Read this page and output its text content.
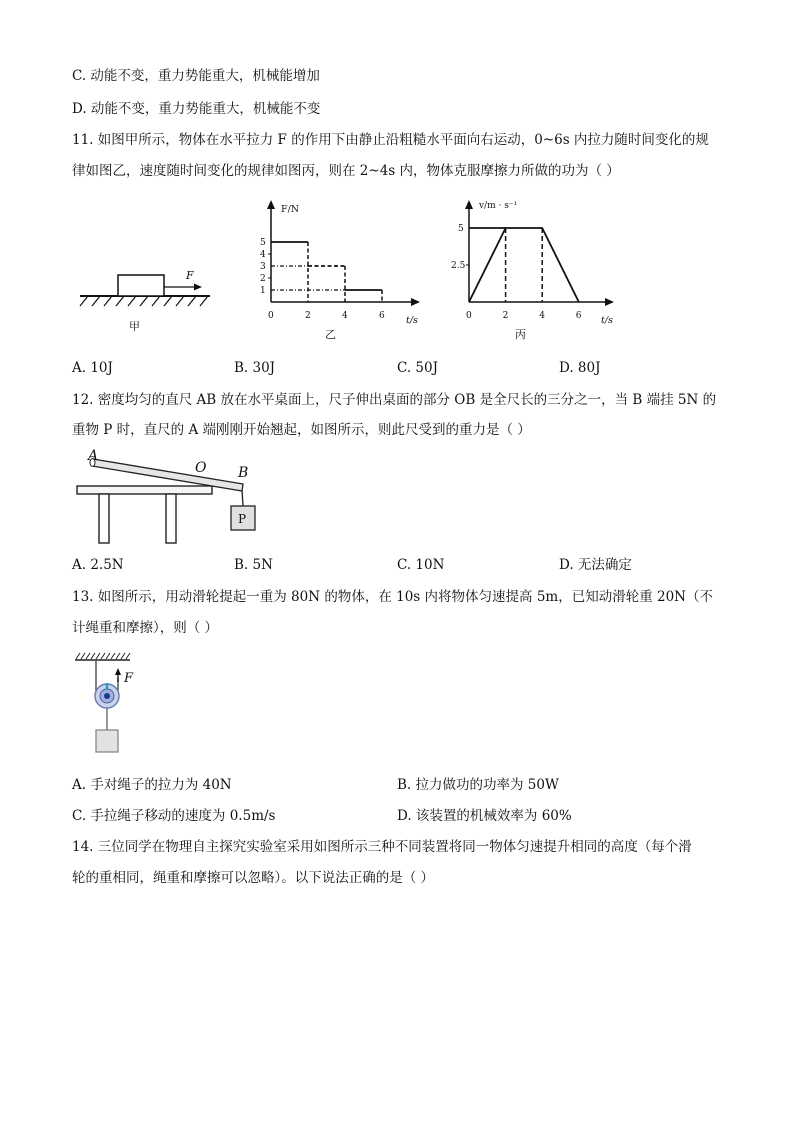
C. 动能不变，重力势能重大，机械能增加
D. 动能不变，重力势能重大，机械能不变
11. 如图甲所示，物体在水平拉力 F 的作用下由静止沿粗糙水平面向右运动，0~6s 内拉力随时间变化的规
律如图乙，速度随时间变化的规律如图丙，则在 2~4s 内，物体克服摩擦力所做的功为（ ）
F
甲
F/N
t/s
乙
0	2	4	6
1
2
3
4
5
v/m · s⁻¹
t/s
丙
0	2	4	6
2.5
5
A. 10J	B. 30J	C. 50J	D. 80J
12. 密度均匀的直尺 AB 放在水平桌面上，尺子伸出桌面的部分 OB 是全尺长的三分之一，当 B 端挂 5N 的
重物 P 时，直尺的 A 端刚刚开始翘起，如图所示，则此尺受到的重力是（ ）
P
A
O B
A. 2.5N	B. 5N	C. 10N	D. 无法确定
13. 如图所示，用动滑轮提起一重为 80N 的物体，在 10s 内将物体匀速提高 5m，已知动滑轮重 20N（不
计绳重和摩擦），则（ ）
F
A. 手对绳子的拉力为 40N	B. 拉力做功的功率为 50W
C. 手拉绳子移动的速度为 0.5m/s	D. 该装置的机械效率为 60%
14. 三位同学在物理自主探究实验室采用如图所示三种不同装置将同一物体匀速提升相同的高度（每个滑
轮的重相同，绳重和摩擦可以忽略）。以下说法正确的是（ ）
